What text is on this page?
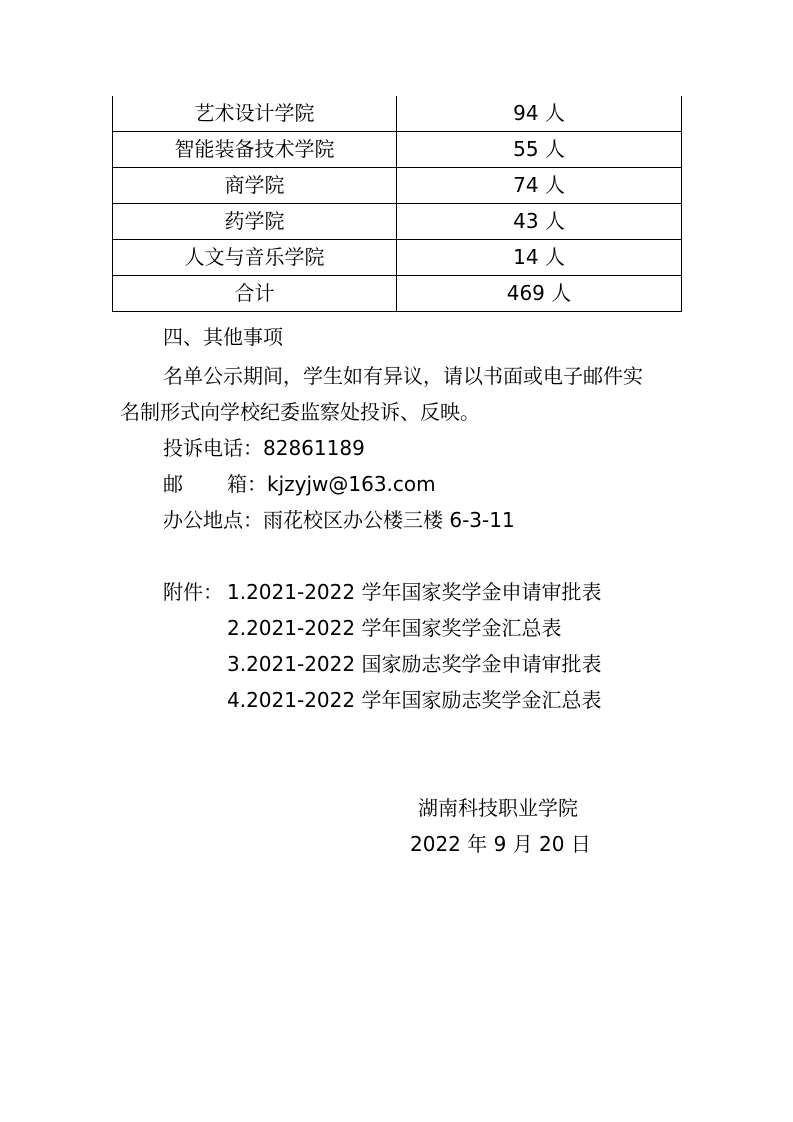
艺术设计学院	94 人
智能装备技术学院	55 人
商学院	74 人
药学院	43 人
人文与音乐学院	14 人
合计	469 人
四、其他事项
名单公示期间，学生如有异议，请以书面或电子邮件实
名制形式向学校纪委监察处投诉、反映。
投诉电话：82861189
邮 箱：kjzyjw@163.com
办公地点：雨花校区办公楼三楼 6-3-11
附件： 1.2021-2022 学年国家奖学金申请审批表
2.2021-2022 学年国家奖学金汇总表
3.2021-2022 国家励志奖学金申请审批表
4.2021-2022 学年国家励志奖学金汇总表
湖南科技职业学院
2022 年 9 月 20 日
